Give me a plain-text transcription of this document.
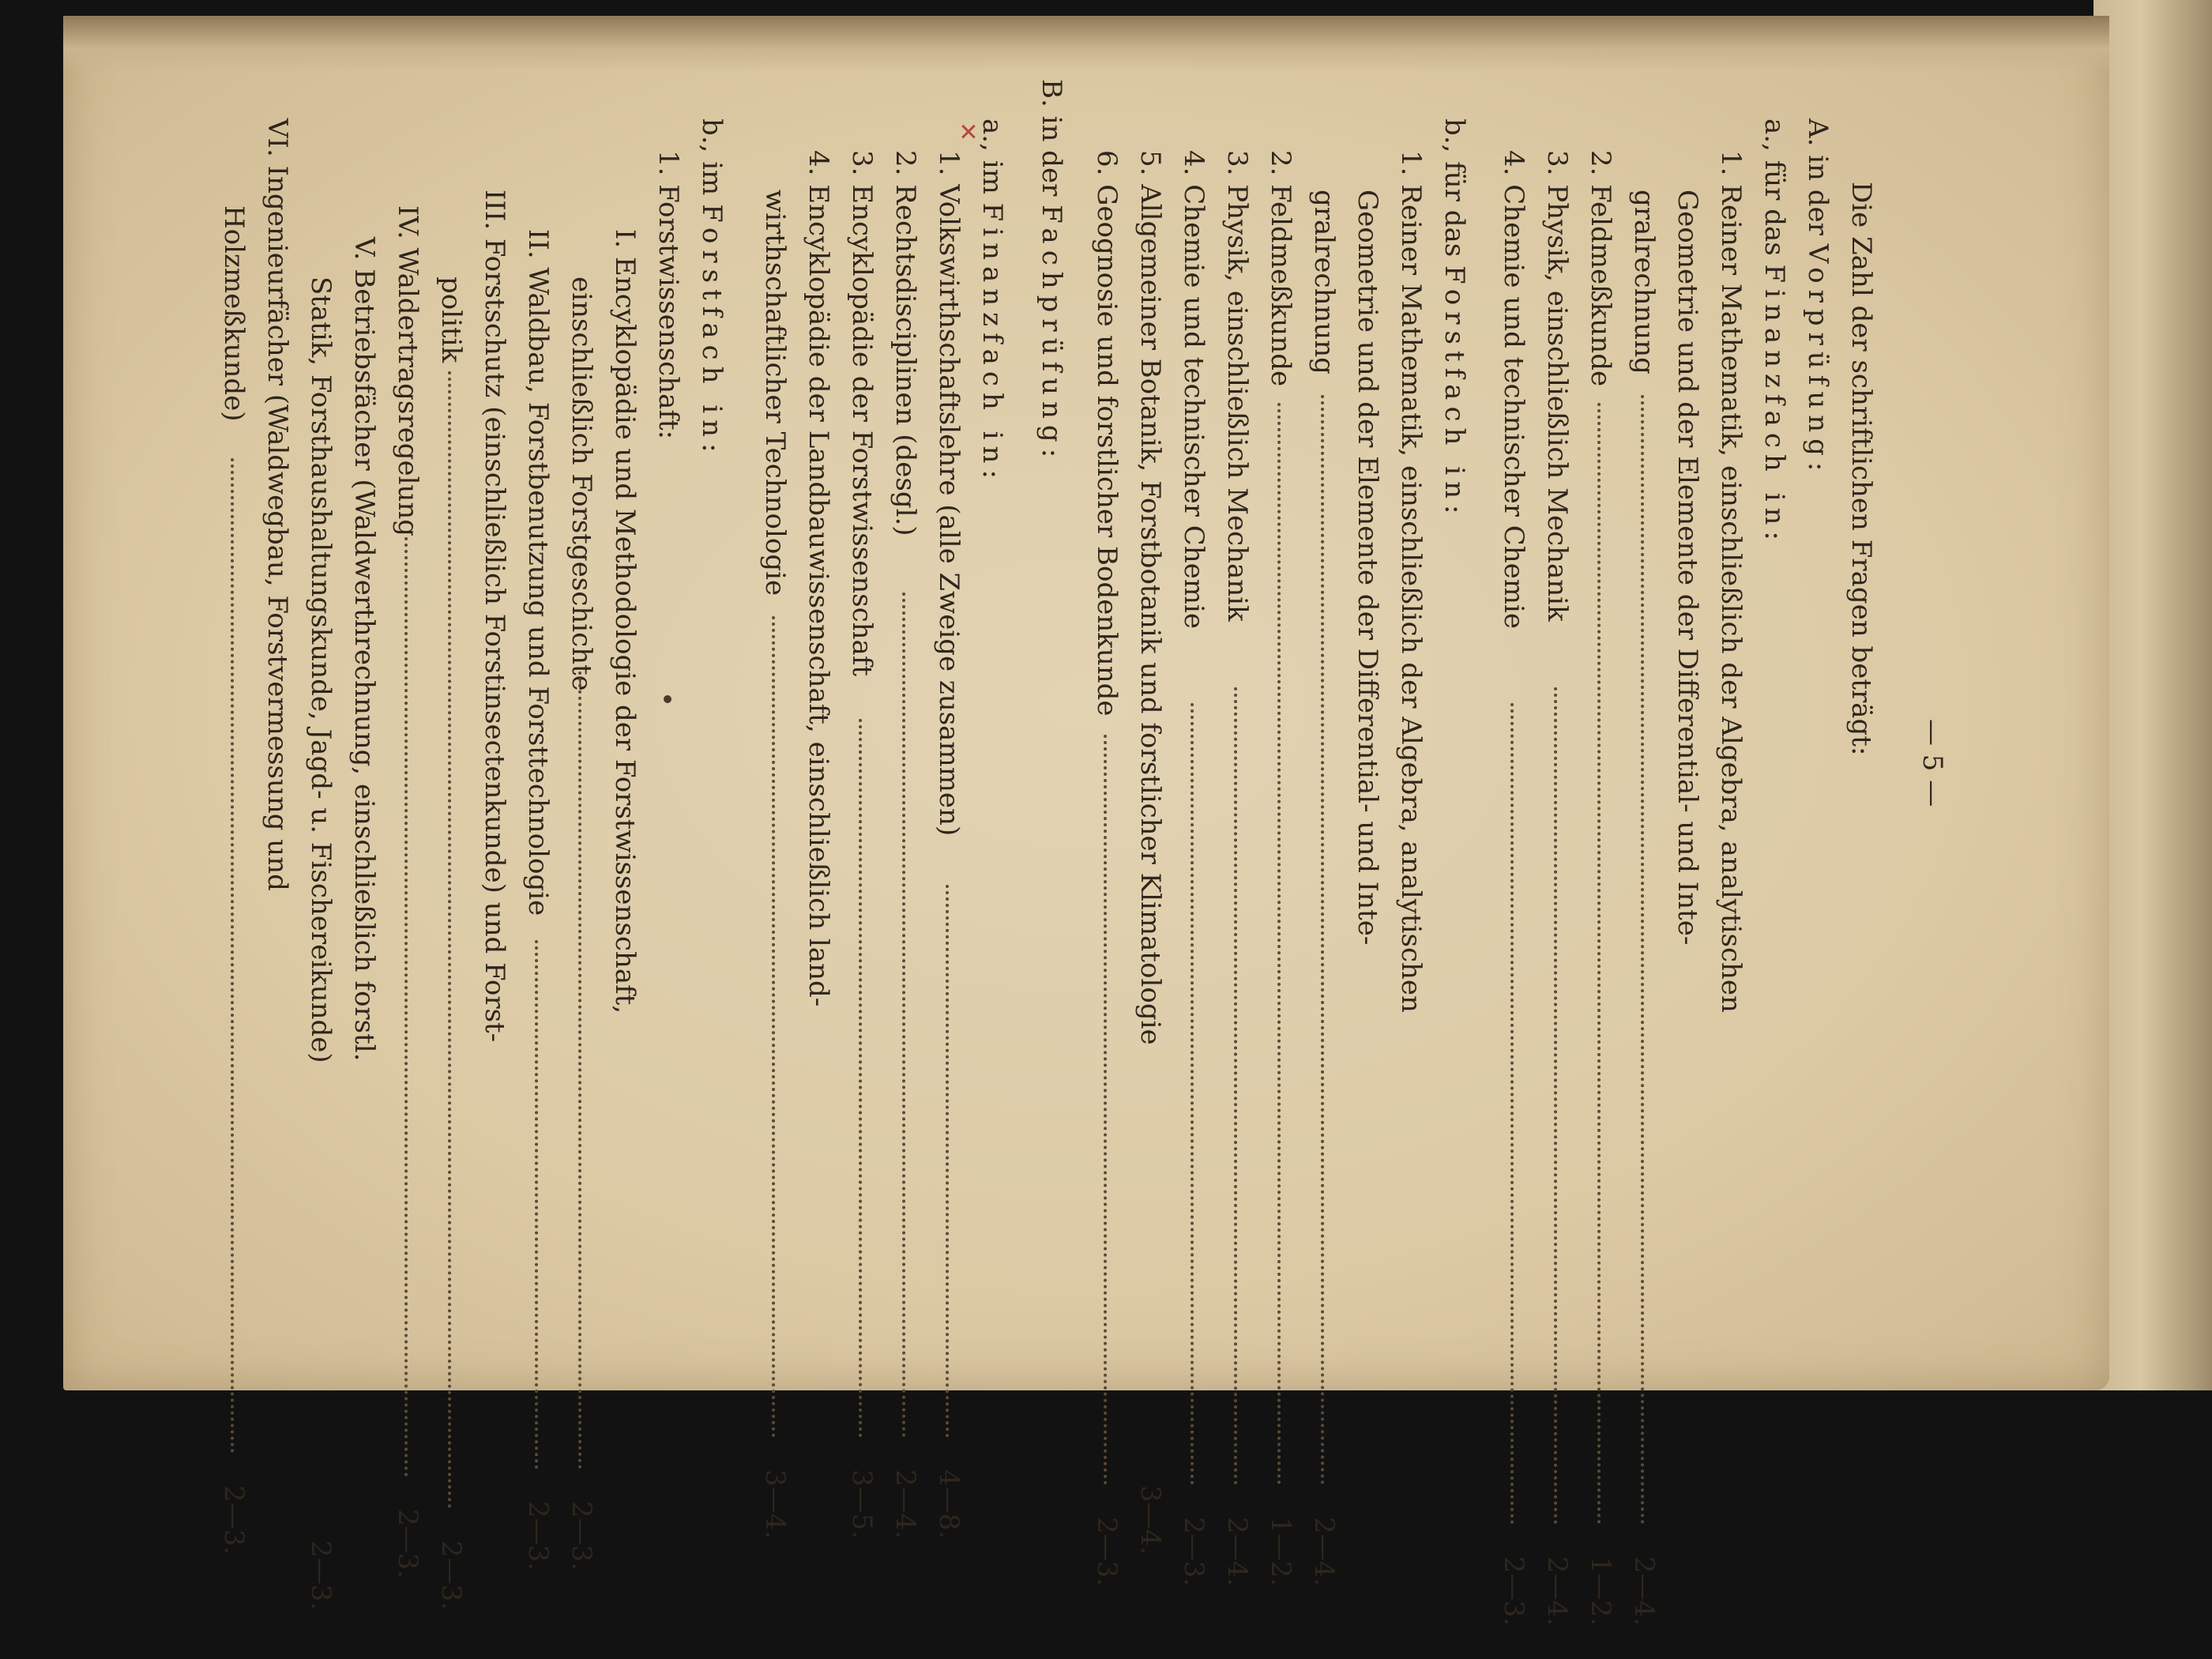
— 5 —
Die Zahl der schriftlichen Fragen beträgt:
A. in der Vorprüfung:
a., für das Finanzfach in:
1. Reiner Mathematik, einschließlich der Algebra, analytischen
Geometrie und der Elemente der Differential- und Inte-
gralrechnung
2—4.
2. Feldmeßkunde
1—2.
3. Physik, einschließlich Mechanik
2—4.
4. Chemie und technischer Chemie
2—3.
b., für das Forstfach in:
1. Reiner Mathematik, einschließlich der Algebra, analytischen
Geometrie und der Elemente der Differential- und Inte-
gralrechnung
2—4.
2. Feldmeßkunde
1—2.
3. Physik, einschließlich Mechanik
2—4.
4. Chemie und technischer Chemie
2—3.
5. Allgemeiner Botanik, Forstbotanik und forstlicher Klimatologie
3—4.
6. Geognosie und forstlicher Bodenkunde
2—3.
B. in der Fachprüfung:
a., im Finanzfach in:
✕
1. Volkswirthschaftslehre (alle Zweige zusammen)
4—8.
2. Rechtsdisciplinen (desgl.)
2—4.
3. Encyklopädie der Forstwissenschaft
3—5.
4. Encyklopädie der Landbauwissenschaft, einschließlich land-
wirthschaftlicher Technologie
3—4.
b., im Forstfach in:
1. Forstwissenschaft:
I. Encyklopädie und Methodologie der Forstwissenschaft,
einschließlich Forstgeschichte
2—3.
II. Waldbau, Forstbenutzung und Forsttechnologie
2—3.
III. Forstschutz (einschließlich Forstinsectenkunde) und Forst-
politik
2—3.
IV. Waldertragsregelung
2—3.
V. Betriebsfächer (Waldwerthrechnung, einschließlich forstl.
Statik, Forsthaushaltungskunde, Jagd- u. Fischereikunde)
2—3.
VI. Ingenieurfächer (Waldwegbau, Forstvermessung und
Holzmeßkunde)
2—3.
